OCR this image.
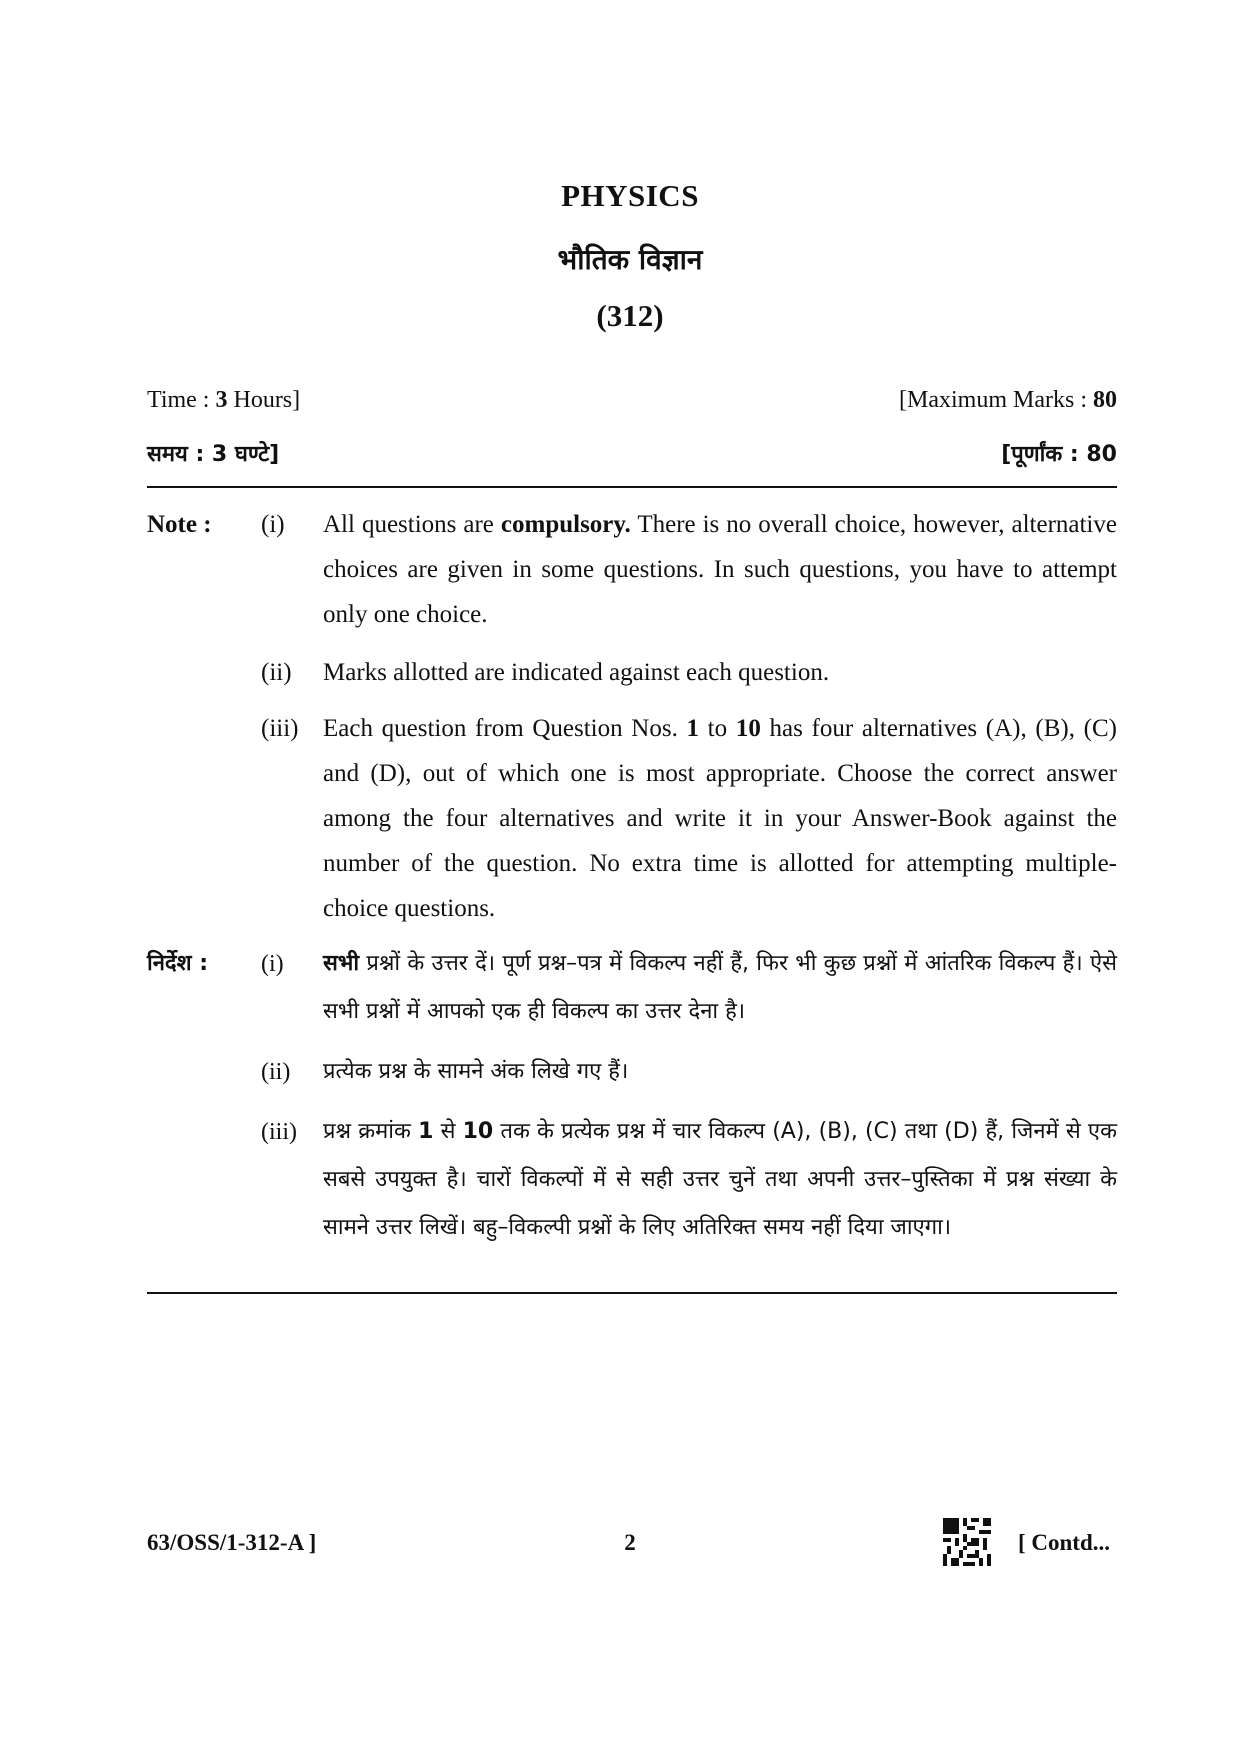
PHYSICS
भौतिक विज्ञान
(312)
Time : 3 Hours]	[Maximum Marks : 80
समय : 3 घण्टे]	[पूर्णांक : 80
Note : (i) All questions are compulsory. There is no overall choice, however, alternative choices are given in some questions. In such questions, you have to attempt only one choice.
(ii) Marks allotted are indicated against each question.
(iii) Each question from Question Nos. 1 to 10 has four alternatives (A), (B), (C) and (D), out of which one is most appropriate. Choose the correct answer among the four alternatives and write it in your Answer-Book against the number of the question. No extra time is allotted for attempting multiple-choice questions.
निर्देश : (i) सभी प्रश्नों के उत्तर दें। पूर्ण प्रश्न–पत्र में विकल्प नहीं हैं, फिर भी कुछ प्रश्नों में आंतरिक विकल्प हैं। ऐसे सभी प्रश्नों में आपको एक ही विकल्प का उत्तर देना है।
(ii) प्रत्येक प्रश्न के सामने अंक लिखे गए हैं।
(iii) प्रश्न क्रमांक 1 से 10 तक के प्रत्येक प्रश्न में चार विकल्प (A), (B), (C) तथा (D) हैं, जिनमें से एक सबसे उपयुक्त है। चारों विकल्पों में से सही उत्तर चुनें तथा अपनी उत्तर–पुस्तिका में प्रश्न संख्या के सामने उत्तर लिखें। बहु–विकल्पी प्रश्नों के लिए अतिरिक्त समय नहीं दिया जाएगा।
63/OSS/1-312-A ]	2	[ Contd...
